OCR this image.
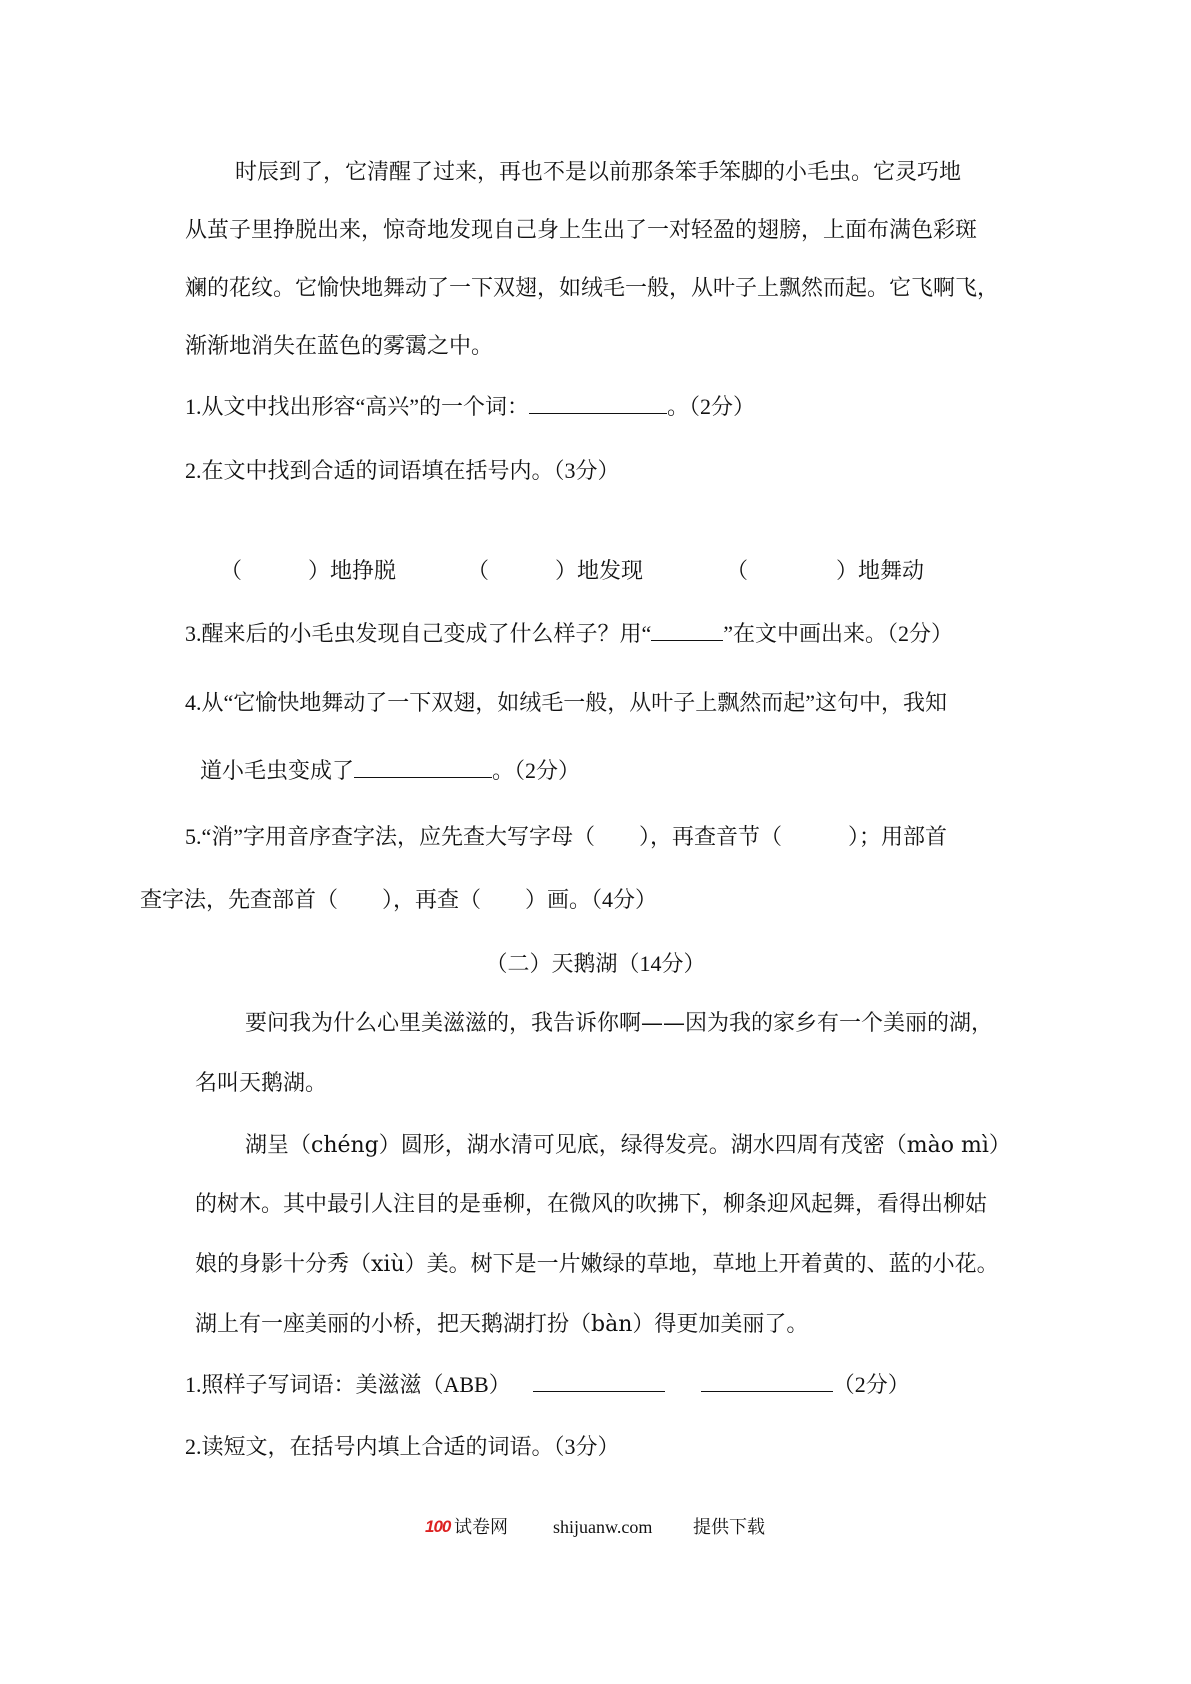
时辰到了，它清醒了过来，再也不是以前那条笨手笨脚的小毛虫。它灵巧地
从茧子里挣脱出来，惊奇地发现自己身上生出了一对轻盈的翅膀，上面布满色彩斑
斓的花纹。它愉快地舞动了一下双翅，如绒毛一般，从叶子上飘然而起。它飞啊飞，
渐渐地消失在蓝色的雾霭之中。
1.从文中找出形容“高兴”的一个词：	。（2分）
2.在文中找到合适的词语填在括号内。（3分）
（　　　）地挣脱	（　　　）地发现	（　　　　）地舞动
3.醒来后的小毛虫发现自己变成了什么样子？用“	”在文中画出来。（2分）
4.从“它愉快地舞动了一下双翅，如绒毛一般，从叶子上飘然而起”这句中，我知
道小毛虫变成了	。（2分）
5.“消”字用音序查字法，应先查大写字母（　　），再查音节（　　　）；用部首
查字法，先查部首（　　），再查（　　）画。（4分）
（二）天鹅湖（14分）
要问我为什么心里美滋滋的，我告诉你啊——因为我的家乡有一个美丽的湖，
名叫天鹅湖。
湖呈（chéng）圆形，湖水清可见底，绿得发亮。湖水四周有茂密（mào mì）
的树木。其中最引人注目的是垂柳，在微风的吹拂下，柳条迎风起舞，看得出柳姑
娘的身影十分秀（xiù）美。树下是一片嫩绿的草地，草地上开着黄的、蓝的小花。
湖上有一座美丽的小桥，把天鹅湖打扮（bàn）得更加美丽了。
1.照样子写词语：美滋滋（ABB）	（2分）
2.读短文，在括号内填上合适的词语。（3分）
100 试卷网	shijuanw.com 提供下载
